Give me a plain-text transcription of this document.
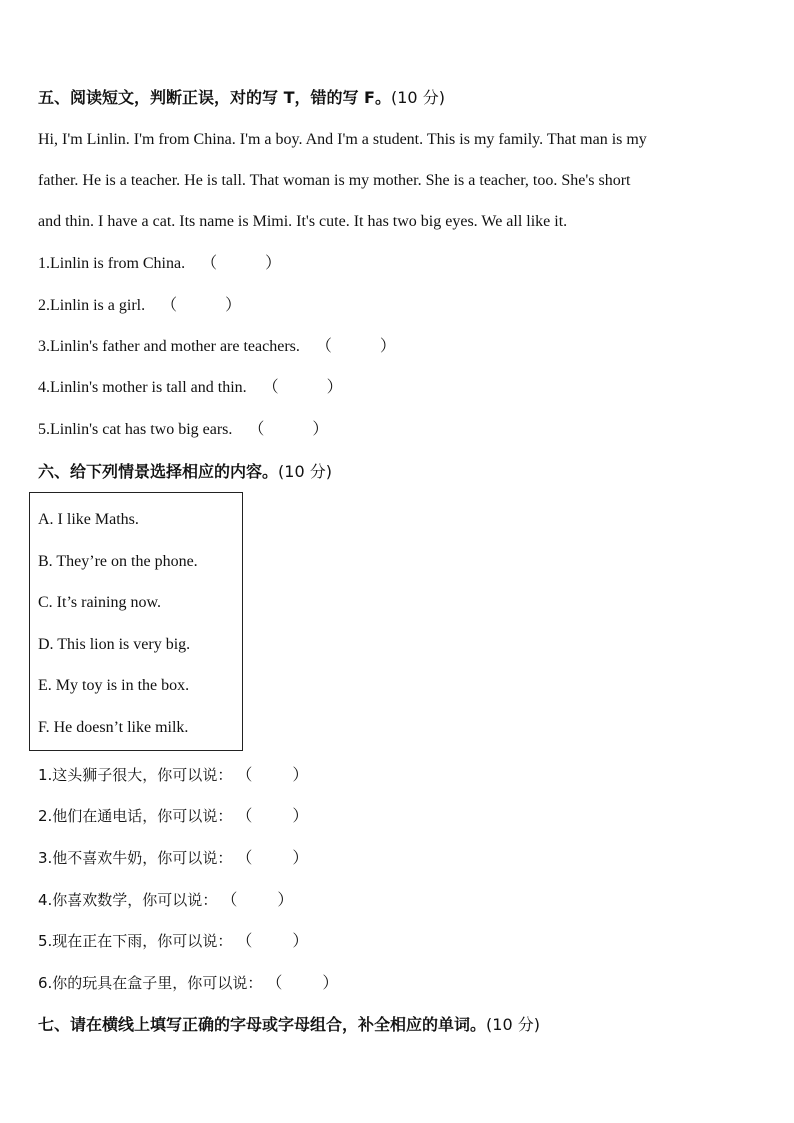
五、阅读短文，判断正误，对的写 T，错的写 F。(10 分)
Hi, I'm Linlin. I'm from China. I'm a boy. And I'm a student. This is my family. That man is my
father. He is a teacher. He is tall. That woman is my mother. She is a teacher, too. She's short
and thin. I have a cat. Its name is Mimi. It's cute. It has two big eyes. We all like it.
1.Linlin is from China. （            ）
2.Linlin is a girl. （            ）
3.Linlin's father and mother are teachers. （            ）
4.Linlin's mother is tall and thin. （            ）
5.Linlin's cat has two big ears. （            ）
六、给下列情景选择相应的内容。(10 分)
A. I like Maths.
B. They’re on the phone.
C. It’s raining now.
D. This lion is very big.
E. My toy is in the box.
F. He doesn’t like milk.
1.这头狮子很大，你可以说： （          ）
2.他们在通电话，你可以说： （          ）
3.他不喜欢牛奶，你可以说： （          ）
4.你喜欢数学，你可以说： （          ）
5.现在正在下雨，你可以说： （          ）
6.你的玩具在盒子里，你可以说： （          ）
七、请在横线上填写正确的字母或字母组合，补全相应的单词。(10 分)
